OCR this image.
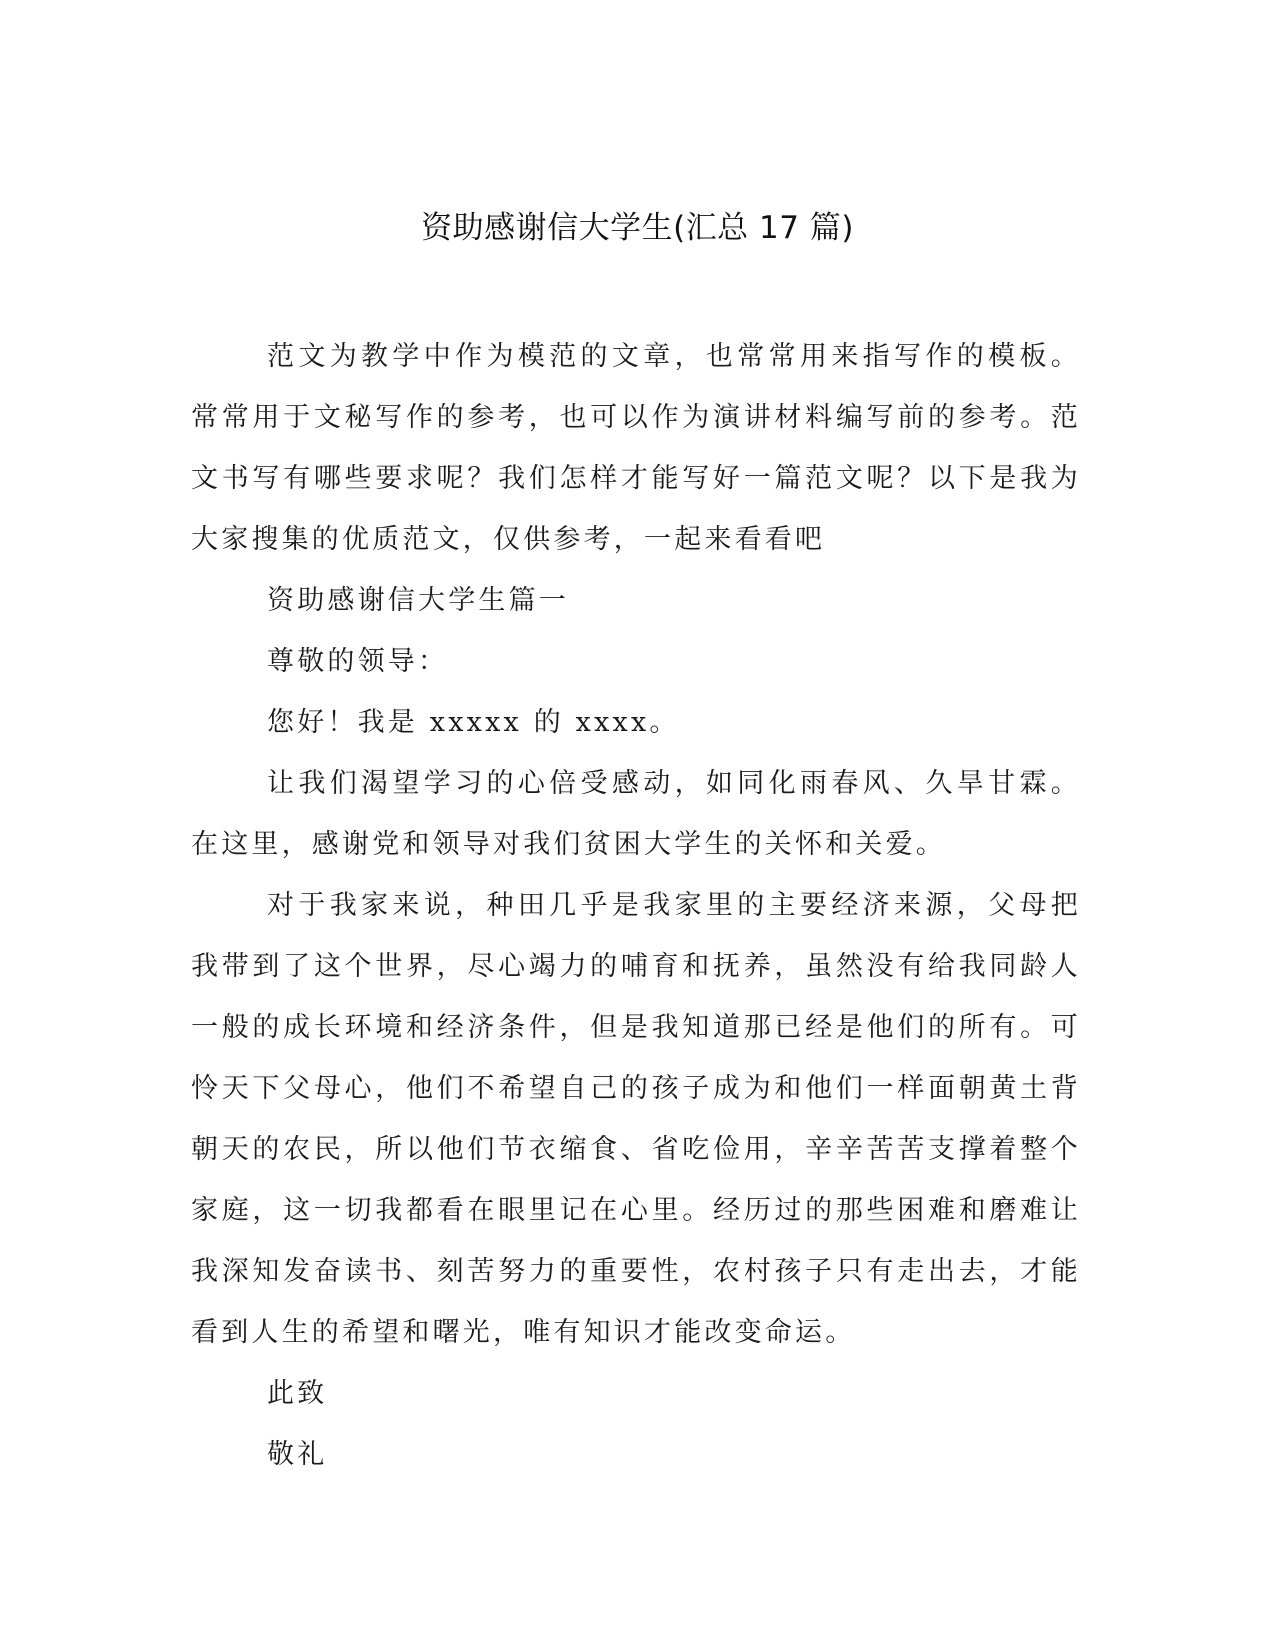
资助感谢信大学生(汇总 17 篇)

范文为教学中作为模范的文章，也常常用来指写作的模板。常常用于文秘写作的参考，也可以作为演讲材料编写前的参考。范文书写有哪些要求呢？我们怎样才能写好一篇范文呢？以下是我为大家搜集的优质范文，仅供参考，一起来看看吧

资助感谢信大学生篇一

尊敬的领导：

您好！我是 xxxxx 的 xxxx。

让我们渴望学习的心倍受感动，如同化雨春风、久旱甘霖。在这里，感谢党和领导对我们贫困大学生的关怀和关爱。

对于我家来说，种田几乎是我家里的主要经济来源，父母把我带到了这个世界，尽心竭力的哺育和抚养，虽然没有给我同龄人一般的成长环境和经济条件，但是我知道那已经是他们的所有。可怜天下父母心，他们不希望自己的孩子成为和他们一样面朝黄土背朝天的农民，所以他们节衣缩食、省吃俭用，辛辛苦苦支撑着整个家庭，这一切我都看在眼里记在心里。经历过的那些困难和磨难让我深知发奋读书、刻苦努力的重要性，农村孩子只有走出去，才能看到人生的希望和曙光，唯有知识才能改变命运。

此致

敬礼
